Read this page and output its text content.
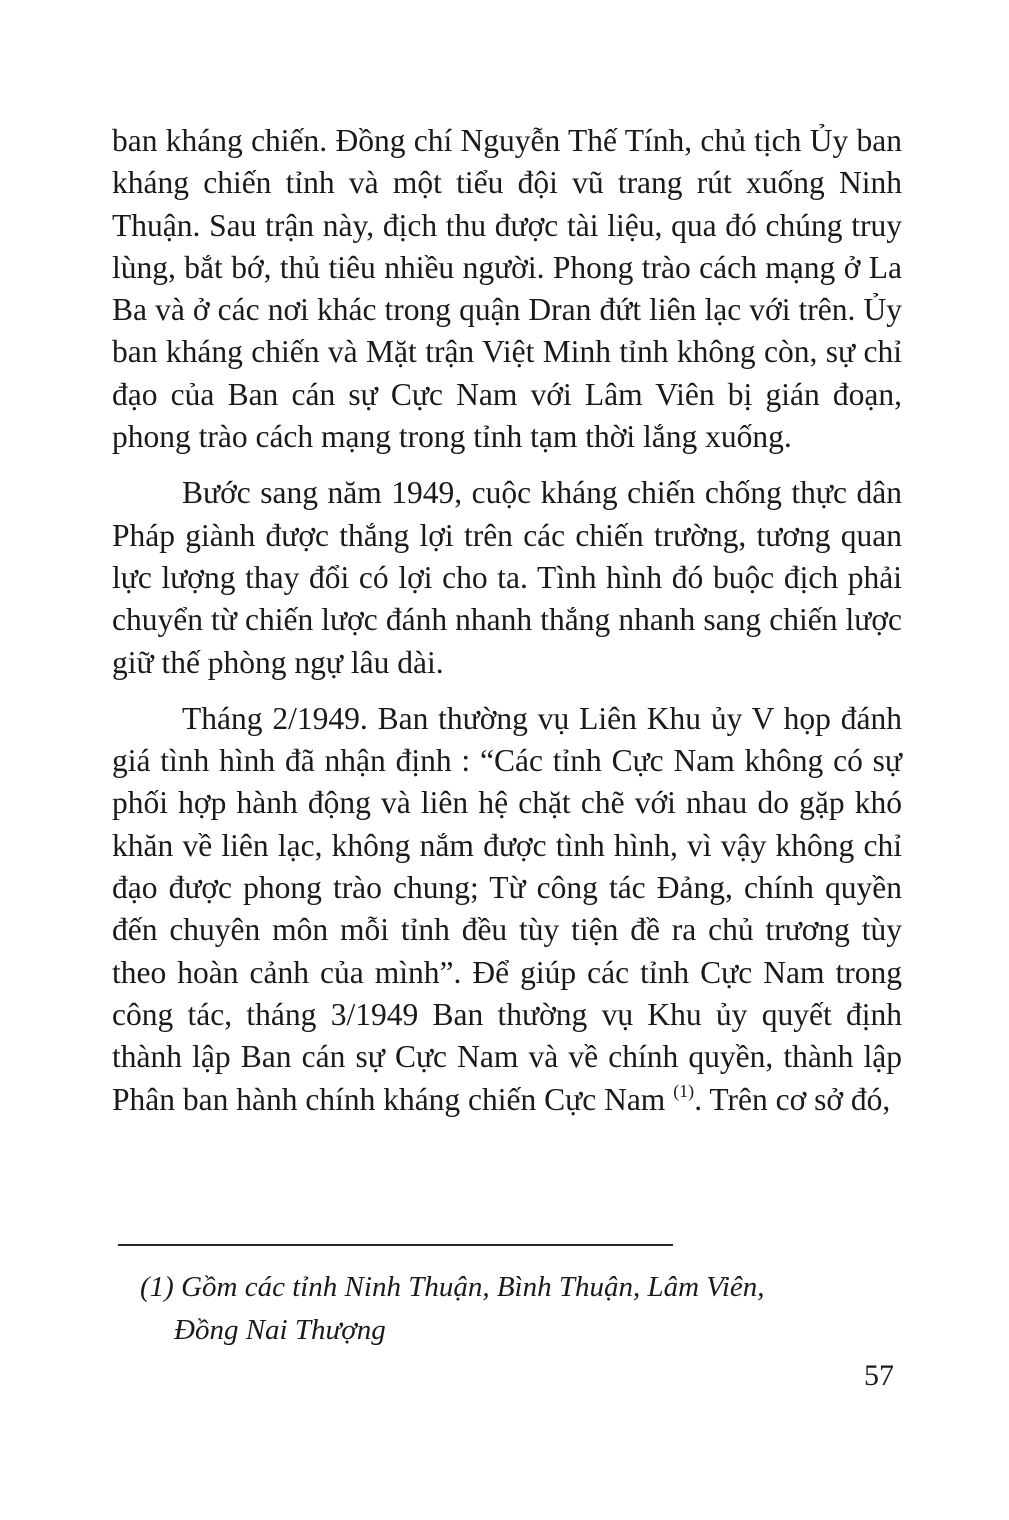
ban kháng chiến. Đồng chí Nguyễn Thế Tính, chủ tịch Ủy ban kháng chiến tỉnh và một tiểu đội vũ trang rút xuống Ninh Thuận. Sau trận này, địch thu được tài liệu, qua đó chúng truy lùng, bắt bớ, thủ tiêu nhiều người. Phong trào cách mạng ở La Ba và ở các nơi khác trong quận Dran đứt liên lạc với trên. Ủy ban kháng chiến và Mặt trận Việt Minh tỉnh không còn, sự chỉ đạo của Ban cán sự Cực Nam với Lâm Viên bị gián đoạn, phong trào cách mạng trong tỉnh tạm thời lắng xuống.

Bước sang năm 1949, cuộc kháng chiến chống thực dân Pháp giành được thắng lợi trên các chiến trường, tương quan lực lượng thay đổi có lợi cho ta. Tình hình đó buộc địch phải chuyển từ chiến lược đánh nhanh thắng nhanh sang chiến lược giữ thế phòng ngự lâu dài.

Tháng 2/1949. Ban thường vụ Liên Khu ủy V họp đánh giá tình hình đã nhận định : “Các tỉnh Cực Nam không có sự phối hợp hành động và liên hệ chặt chẽ với nhau do gặp khó khăn về liên lạc, không nắm được tình hình, vì vậy không chỉ đạo được phong trào chung; Từ công tác Đảng, chính quyền đến chuyên môn mỗi tỉnh đều tùy tiện đề ra chủ trương tùy theo hoàn cảnh của mình”. Để giúp các tỉnh Cực Nam trong công tác, tháng 3/1949 Ban thường vụ Khu ủy quyết định thành lập Ban cán sự Cực Nam và về chính quyền, thành lập Phân ban hành chính kháng chiến Cực Nam $^{(1)}$. Trên cơ sở đó,

(1) Gồm các tỉnh Ninh Thuận, Bình Thuận, Lâm Viên,
Đồng Nai Thượng
57
